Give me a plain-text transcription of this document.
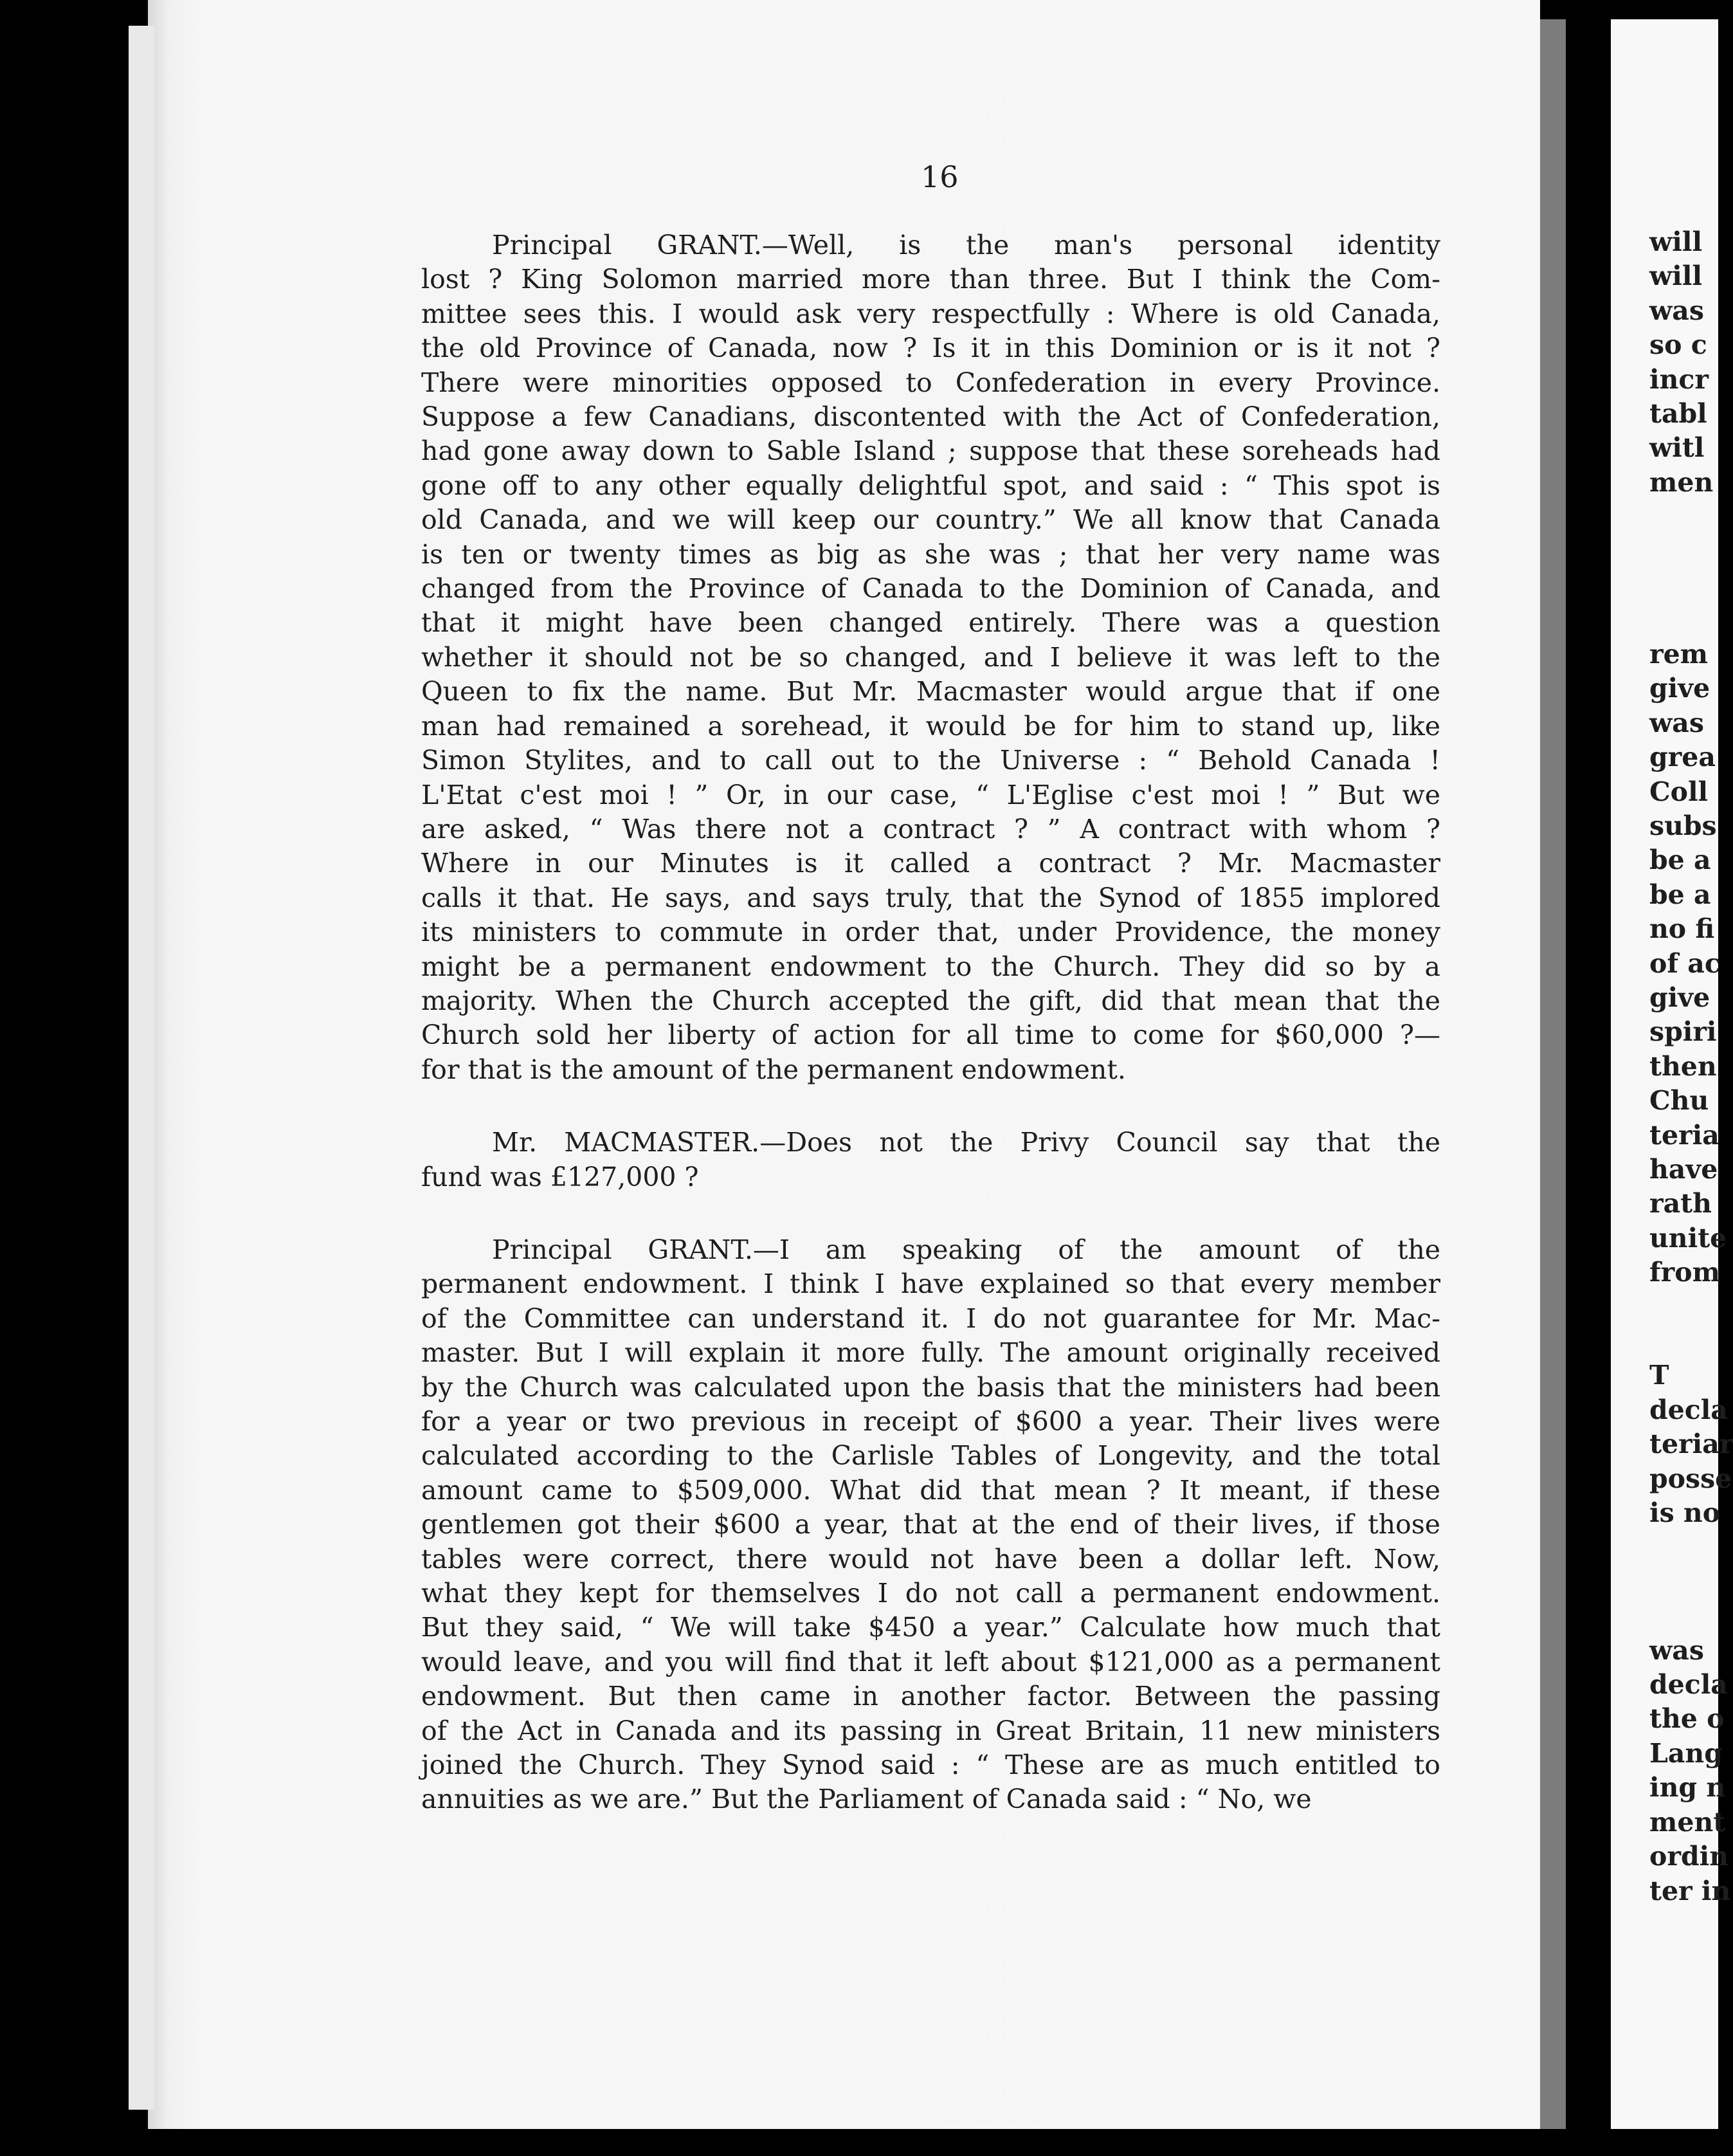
16
Principal GRANT.—Well, is the man's personal identity
lost ? King Solomon married more than three. But I think the Com-
mittee sees this. I would ask very respectfully : Where is old Canada,
the old Province of Canada, now ? Is it in this Dominion or is it not ?
There were minorities opposed to Confederation in every Province.
Suppose a few Canadians, discontented with the Act of Confederation,
had gone away down to Sable Island ; suppose that these soreheads had
gone off to any other equally delightful spot, and said : “ This spot is
old Canada, and we will keep our country.” We all know that Canada
is ten or twenty times as big as she was ; that her very name was
changed from the Province of Canada to the Dominion of Canada, and
that it might have been changed entirely. There was a question
whether it should not be so changed, and I believe it was left to the
Queen to fix the name. But Mr. Macmaster would argue that if one
man had remained a sorehead, it would be for him to stand up, like
Simon Stylites, and to call out to the Universe : “ Behold Canada !
L'Etat c'est moi ! ” Or, in our case, “ L'Eglise c'est moi ! ” But we
are asked, “ Was there not a contract ? ” A contract with whom ?
Where in our Minutes is it called a contract ? Mr. Macmaster
calls it that. He says, and says truly, that the Synod of 1855 implored
its ministers to commute in order that, under Providence, the money
might be a permanent endowment to the Church. They did so by a
majority. When the Church accepted the gift, did that mean that the
Church sold her liberty of action for all time to come for $60,000 ?—
for that is the amount of the permanent endowment.
Mr. MACMASTER.—Does not the Privy Council say that the
fund was £127,000 ?
Principal GRANT.—I am speaking of the amount of the
permanent endowment. I think I have explained so that every member
of the Committee can understand it. I do not guarantee for Mr. Mac-
master. But I will explain it more fully. The amount originally received
by the Church was calculated upon the basis that the ministers had been
for a year or two previous in receipt of $600 a year. Their lives were
calculated according to the Carlisle Tables of Longevity, and the total
amount came to $509,000. What did that mean ? It meant, if these
gentlemen got their $600 a year, that at the end of their lives, if those
tables were correct, there would not have been a dollar left. Now,
what they kept for themselves I do not call a permanent endowment.
But they said, “ We will take $450 a year.” Calculate how much that
would leave, and you will find that it left about $121,000 as a permanent
endowment. But then came in another factor. Between the passing
of the Act in Canada and its passing in Great Britain, 11 new ministers
joined the Church. They Synod said : “ These are as much entitled to
annuities as we are.” But the Parliament of Canada said : “ No, we
will
will
was
so c
incr
tabl
witl
men

rem
give
was
grea
Coll
subs
be a
be a
no fi
of ac
give
spiri
then
Chu
teria
have
rath
unite
from

T
decla
teriar
posse
is no

was
decla
the o
Lang
ing n
ment
ordin
ter in
